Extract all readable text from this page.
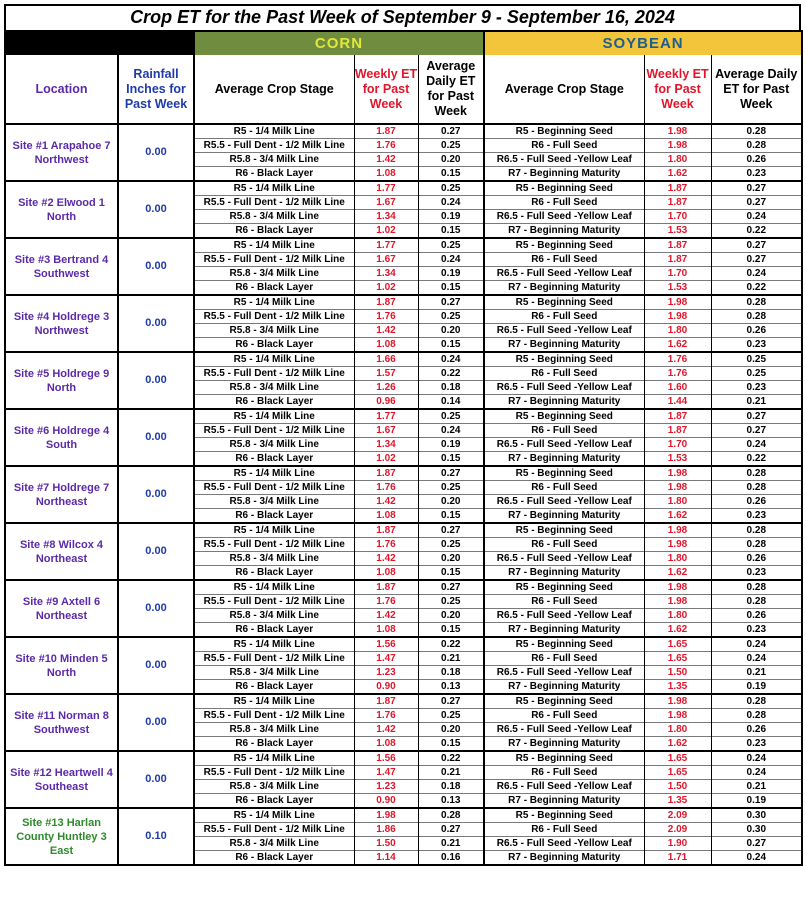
Crop ET for the Past Week of September 9 - September 16, 2024
		CORN			SOYBEAN		
Location	Rainfall Inches for Past Week	Average Crop Stage	Weekly ET for Past Week	Average Daily ET for Past Week	Average Crop Stage	Weekly ET for Past Week	Average Daily ET for Past Week
Site #1 Arapahoe 7 Northwest	0.00	R5 - 1/4 Milk Line	1.87	0.27	R5 - Beginning Seed	1.98	0.28
		R5.5 - Full Dent - 1/2 Milk Line	1.76	0.25	R6 - Full Seed	1.98	0.28
		R5.8 - 3/4 Milk Line	1.42	0.20	R6.5 - Full Seed -Yellow Leaf	1.80	0.26
		R6 - Black Layer	1.08	0.15	R7 - Beginning Maturity	1.62	0.23
Site #2 Elwood 1 North	0.00	R5 - 1/4 Milk Line	1.77	0.25	R5 - Beginning Seed	1.87	0.27
		R5.5 - Full Dent - 1/2 Milk Line	1.67	0.24	R6 - Full Seed	1.87	0.27
		R5.8 - 3/4 Milk Line	1.34	0.19	R6.5 - Full Seed -Yellow Leaf	1.70	0.24
		R6 - Black Layer	1.02	0.15	R7 - Beginning Maturity	1.53	0.22
Site #3 Bertrand 4 Southwest	0.00	R5 - 1/4 Milk Line	1.77	0.25	R5 - Beginning Seed	1.87	0.27
		R5.5 - Full Dent - 1/2 Milk Line	1.67	0.24	R6 - Full Seed	1.87	0.27
		R5.8 - 3/4 Milk Line	1.34	0.19	R6.5 - Full Seed -Yellow Leaf	1.70	0.24
		R6 - Black Layer	1.02	0.15	R7 - Beginning Maturity	1.53	0.22
Site #4 Holdrege 3 Northwest	0.00	R5 - 1/4 Milk Line	1.87	0.27	R5 - Beginning Seed	1.98	0.28
		R5.5 - Full Dent - 1/2 Milk Line	1.76	0.25	R6 - Full Seed	1.98	0.28
		R5.8 - 3/4 Milk Line	1.42	0.20	R6.5 - Full Seed -Yellow Leaf	1.80	0.26
		R6 - Black Layer	1.08	0.15	R7 - Beginning Maturity	1.62	0.23
Site #5 Holdrege 9 North	0.00	R5 - 1/4 Milk Line	1.66	0.24	R5 - Beginning Seed	1.76	0.25
		R5.5 - Full Dent - 1/2 Milk Line	1.57	0.22	R6 - Full Seed	1.76	0.25
		R5.8 - 3/4 Milk Line	1.26	0.18	R6.5 - Full Seed -Yellow Leaf	1.60	0.23
		R6 - Black Layer	0.96	0.14	R7 - Beginning Maturity	1.44	0.21
Site #6 Holdrege 4 South	0.00	R5 - 1/4 Milk Line	1.77	0.25	R5 - Beginning Seed	1.87	0.27
		R5.5 - Full Dent - 1/2 Milk Line	1.67	0.24	R6 - Full Seed	1.87	0.27
		R5.8 - 3/4 Milk Line	1.34	0.19	R6.5 - Full Seed -Yellow Leaf	1.70	0.24
		R6 - Black Layer	1.02	0.15	R7 - Beginning Maturity	1.53	0.22
Site #7 Holdrege 7 Northeast	0.00	R5 - 1/4 Milk Line	1.87	0.27	R5 - Beginning Seed	1.98	0.28
		R5.5 - Full Dent - 1/2 Milk Line	1.76	0.25	R6 - Full Seed	1.98	0.28
		R5.8 - 3/4 Milk Line	1.42	0.20	R6.5 - Full Seed -Yellow Leaf	1.80	0.26
		R6 - Black Layer	1.08	0.15	R7 - Beginning Maturity	1.62	0.23
Site #8 Wilcox 4 Northeast	0.00	R5 - 1/4 Milk Line	1.87	0.27	R5 - Beginning Seed	1.98	0.28
		R5.5 - Full Dent - 1/2 Milk Line	1.76	0.25	R6 - Full Seed	1.98	0.28
		R5.8 - 3/4 Milk Line	1.42	0.20	R6.5 - Full Seed -Yellow Leaf	1.80	0.26
		R6 - Black Layer	1.08	0.15	R7 - Beginning Maturity	1.62	0.23
Site #9 Axtell 6 Northeast	0.00	R5 - 1/4 Milk Line	1.87	0.27	R5 - Beginning Seed	1.98	0.28
		R5.5 - Full Dent - 1/2 Milk Line	1.76	0.25	R6 - Full Seed	1.98	0.28
		R5.8 - 3/4 Milk Line	1.42	0.20	R6.5 - Full Seed -Yellow Leaf	1.80	0.26
		R6 - Black Layer	1.08	0.15	R7 - Beginning Maturity	1.62	0.23
Site #10 Minden 5 North	0.00	R5 - 1/4 Milk Line	1.56	0.22	R5 - Beginning Seed	1.65	0.24
		R5.5 - Full Dent - 1/2 Milk Line	1.47	0.21	R6 - Full Seed	1.65	0.24
		R5.8 - 3/4 Milk Line	1.23	0.18	R6.5 - Full Seed -Yellow Leaf	1.50	0.21
		R6 - Black Layer	0.90	0.13	R7 - Beginning Maturity	1.35	0.19
Site #11 Norman 8 Southwest	0.00	R5 - 1/4 Milk Line	1.87	0.27	R5 - Beginning Seed	1.98	0.28
		R5.5 - Full Dent - 1/2 Milk Line	1.76	0.25	R6 - Full Seed	1.98	0.28
		R5.8 - 3/4 Milk Line	1.42	0.20	R6.5 - Full Seed -Yellow Leaf	1.80	0.26
		R6 - Black Layer	1.08	0.15	R7 - Beginning Maturity	1.62	0.23
Site #12 Heartwell 4 Southeast	0.00	R5 - 1/4 Milk Line	1.56	0.22	R5 - Beginning Seed	1.65	0.24
		R5.5 - Full Dent - 1/2 Milk Line	1.47	0.21	R6 - Full Seed	1.65	0.24
		R5.8 - 3/4 Milk Line	1.23	0.18	R6.5 - Full Seed -Yellow Leaf	1.50	0.21
		R6 - Black Layer	0.90	0.13	R7 - Beginning Maturity	1.35	0.19
Site #13 Harlan County Huntley 3 East	0.10	R5 - 1/4 Milk Line	1.98	0.28	R5 - Beginning Seed	2.09	0.30
		R5.5 - Full Dent - 1/2 Milk Line	1.86	0.27	R6 - Full Seed	2.09	0.30
		R5.8 - 3/4 Milk Line	1.50	0.21	R6.5 - Full Seed -Yellow Leaf	1.90	0.27
		R6 - Black Layer	1.14	0.16	R7 - Beginning Maturity	1.71	0.24
